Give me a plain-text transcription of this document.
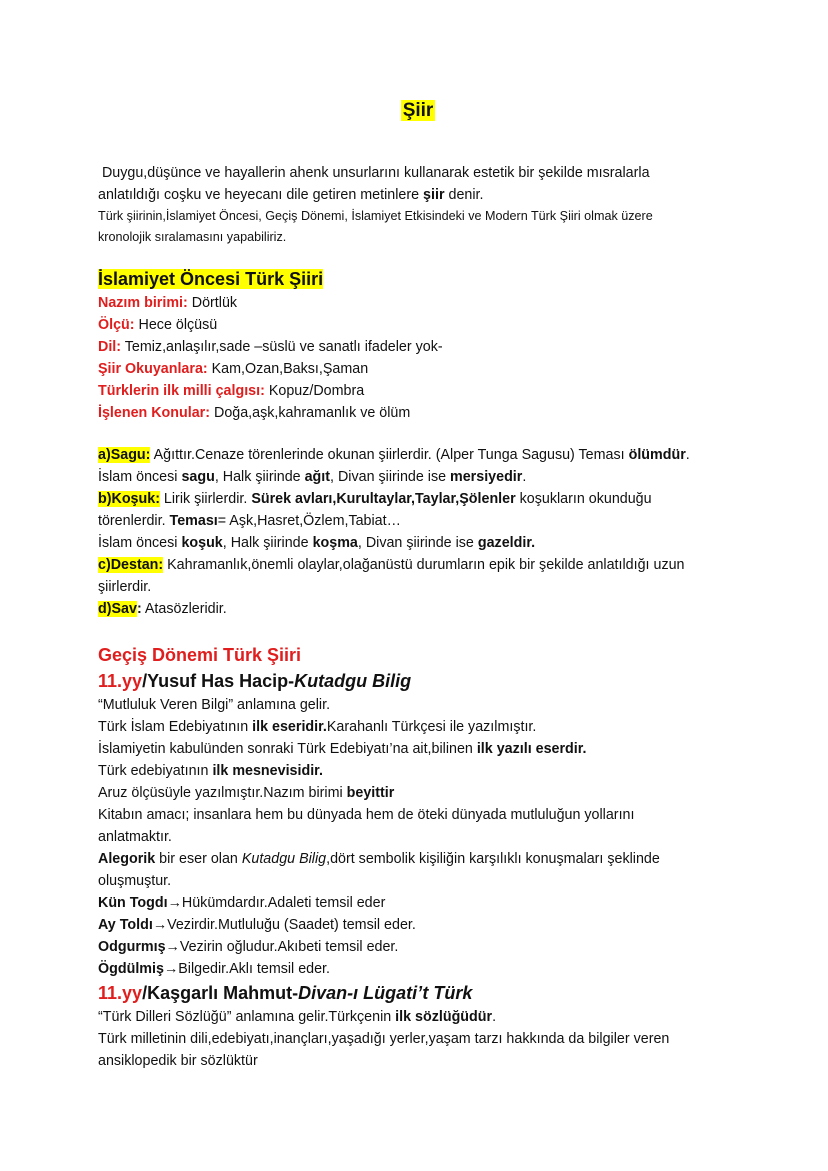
Şiir

Duygu,düşünce ve hayallerin ahenk unsurlarını kullanarak estetik bir şekilde mısralarla

anlatıldığı coşku ve heyecanı dile getiren metinlere şiir denir.

Türk şiirinin,İslamiyet Öncesi, Geçiş Dönemi, İslamiyet Etkisindeki ve Modern Türk Şiiri olmak üzere

kronolojik sıralamasını yapabiliriz.

İslamiyet Öncesi Türk Şiiri

Nazım birimi: Dörtlük

Ölçü: Hece ölçüsü

Dil: Temiz,anlaşılır,sade –süslü ve sanatlı ifadeler yok-

Şiir Okuyanlara: Kam,Ozan,Baksı,Şaman

Türklerin ilk milli çalgısı: Kopuz/Dombra

İşlenen Konular: Doğa,aşk,kahramanlık ve ölüm

a)Sagu: Ağıttır.Cenaze törenlerinde okunan şiirlerdir. (Alper Tunga Sagusu) Teması ölümdür.

İslam öncesi sagu, Halk şiirinde ağıt, Divan şiirinde ise mersiyedir.

b)Koşuk: Lirik şiirlerdir. Sürek avları,Kurultaylar,Taylar,Şölenler koşukların okunduğu

törenlerdir. Teması= Aşk,Hasret,Özlem,Tabiat…

İslam öncesi koşuk, Halk şiirinde koşma, Divan şiirinde ise gazeldir.

c)Destan: Kahramanlık,önemli olaylar,olağanüstü durumların epik bir şekilde anlatıldığı uzun

şiirlerdir.

d)Sav: Atasözleridir.

Geçiş Dönemi Türk Şiiri

11.yy/Yusuf Has Hacip-Kutadgu Bilig

“Mutluluk Veren Bilgi” anlamına gelir.

Türk İslam Edebiyatının ilk eseridir.Karahanlı Türkçesi ile yazılmıştır.

İslamiyetin kabulünden sonraki Türk Edebiyatı’na ait,bilinen ilk yazılı eserdir.

Türk edebiyatının ilk mesnevisidir.

Aruz ölçüsüyle yazılmıştır.Nazım birimi beyittir

Kitabın amacı; insanlara hem bu dünyada hem de öteki dünyada mutluluğun yollarını

anlatmaktır.

Alegorik bir eser olan Kutadgu Bilig,dört sembolik kişiliğin karşılıklı konuşmaları şeklinde

oluşmuştur.

Kün Togdı→Hükümdardır.Adaleti temsil eder

Ay Toldı→Vezirdir.Mutluluğu (Saadet) temsil eder.

Odgurmış→Vezirin oğludur.Akıbeti temsil eder.

Ögdülmiş→Bilgedir.Aklı temsil eder.

11.yy/Kaşgarlı Mahmut-Divan-ı Lügati’t Türk

“Türk Dilleri Sözlüğü” anlamına gelir.Türkçenin ilk sözlüğüdür.

Türk milletinin dili,edebiyatı,inançları,yaşadığı yerler,yaşam tarzı hakkında da bilgiler veren

ansiklopedik bir sözlüktür
